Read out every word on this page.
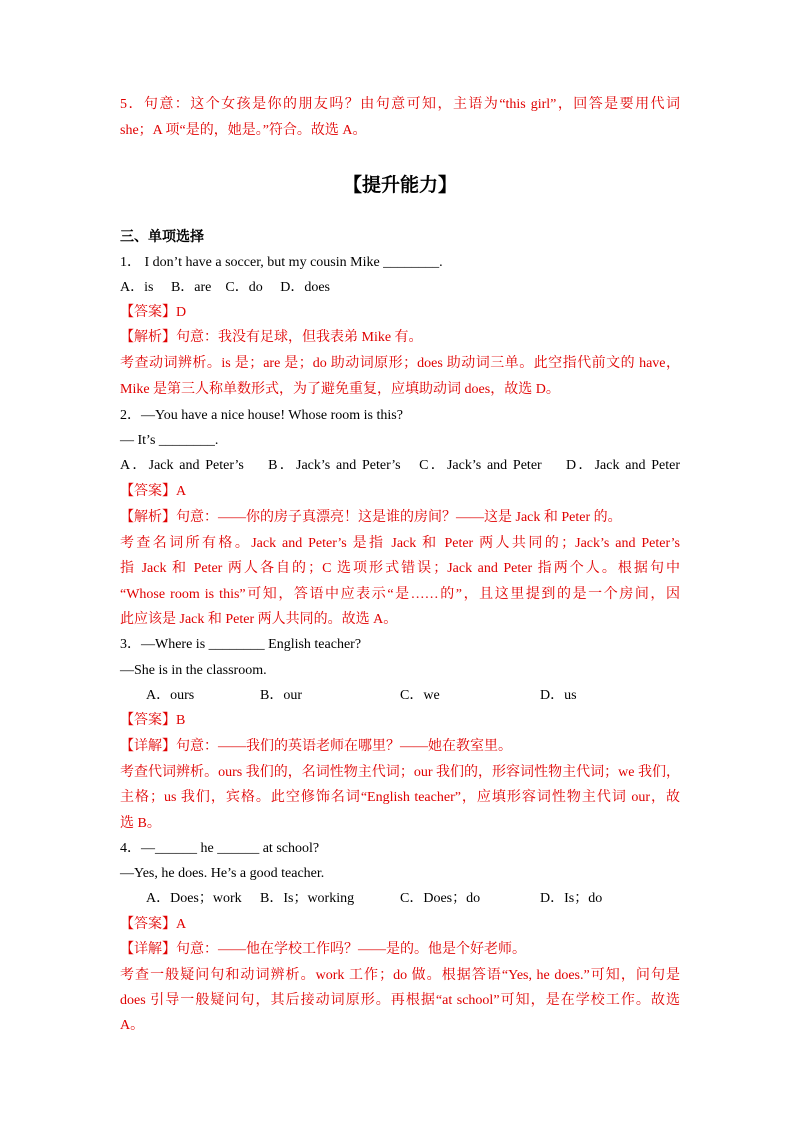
5．句意：这个女孩是你的朋友吗？由句意可知，主语为“this girl”，回答是要用代词
she；A 项“是的，她是。”符合。故选 A。
三、单项选择
1． I don’t have a soccer, but my cousin Mike ________.
A．is　 B．are　C．do　 D．does
【答案】D
【解析】句意：我没有足球，但我表弟 Mike 有。
考查动词辨析。is 是；are 是；do 助动词原形；does 助动词三单。此空指代前文的 have，
Mike 是第三人称单数形式，为了避免重复，应填助动词 does，故选 D。
2．—You have a nice house! Whose room is this?
— It’s ________.
A．Jack and Peter’s　 B．Jack’s and Peter’s　C．Jack’s and Peter　 D．Jack and Peter
【答案】A
【解析】句意：——你的房子真漂亮！这是谁的房间？——这是 Jack 和 Peter 的。
考查名词所有格。Jack and Peter’s 是指 Jack 和 Peter 两人共同的；Jack’s and Peter’s
指 Jack 和 Peter 两人各自的；C 选项形式错误；Jack and Peter 指两个人。根据句中
“Whose room is this”可知，答语中应表示“是……的”，且这里提到的是一个房间，因
此应该是 Jack 和 Peter 两人共同的。故选 A。
3．—Where is ________ English teacher?
—She is in the classroom.
A．ours	B．our	C．we	D．us
【答案】B
【详解】句意：——我们的英语老师在哪里？——她在教室里。
考查代词辨析。ours 我们的，名词性物主代词；our 我们的，形容词性物主代词；we 我们，
主格；us 我们，宾格。此空修饰名词“English teacher”，应填形容词性物主代词 our，故
选 B。
4．—______ he ______ at school?
—Yes, he does. He’s a good teacher.
A．Does；work B．Is；working	C．Does；do	D．Is；do
【答案】A
【详解】句意：——他在学校工作吗？——是的。他是个好老师。
考查一般疑问句和动词辨析。work 工作；do 做。根据答语“Yes, he does.”可知，问句是
does 引导一般疑问句，其后接动词原形。再根据“at school”可知，是在学校工作。故选
A。
【提升能力】
